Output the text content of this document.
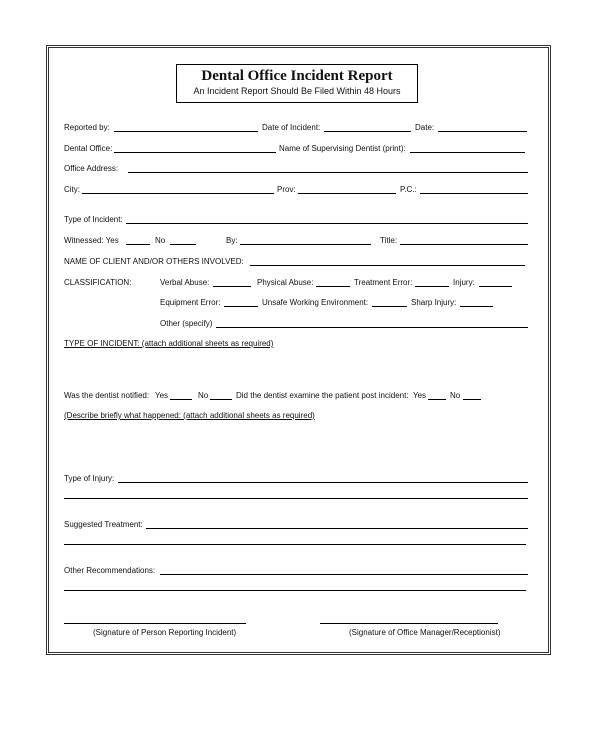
Dental Office Incident Report
An Incident Report Should Be Filed Within 48 Hours
Reported by:	Date of Incident:	Date:
Dental Office:	Name of Supervising Dentist (print):
Office Address:
City:	Prov:	P.C.:
Type of Incident:
Witnessed: Yes	No	By:	Title:
NAME OF CLIENT AND/OR OTHERS INVOLVED:
CLASSIFICATION:	Verbal Abuse:	Physical Abuse:	Treatment Error:	Injury:
Equipment Error:	Unsafe Working Environment:	Sharp Injury:
Other (specify)
TYPE OF INCIDENT: (attach additional sheets as required)
Was the dentist notified: Yes	No	Did the dentist examine the patient post incident: Yes	No
(Describe briefly what happened: (attach additional sheets as required)
Type of Injury:
Suggested Treatment:
Other Recommendations:
(Signature of Person Reporting Incident)	(Signature of Office Manager/Receptionist)
